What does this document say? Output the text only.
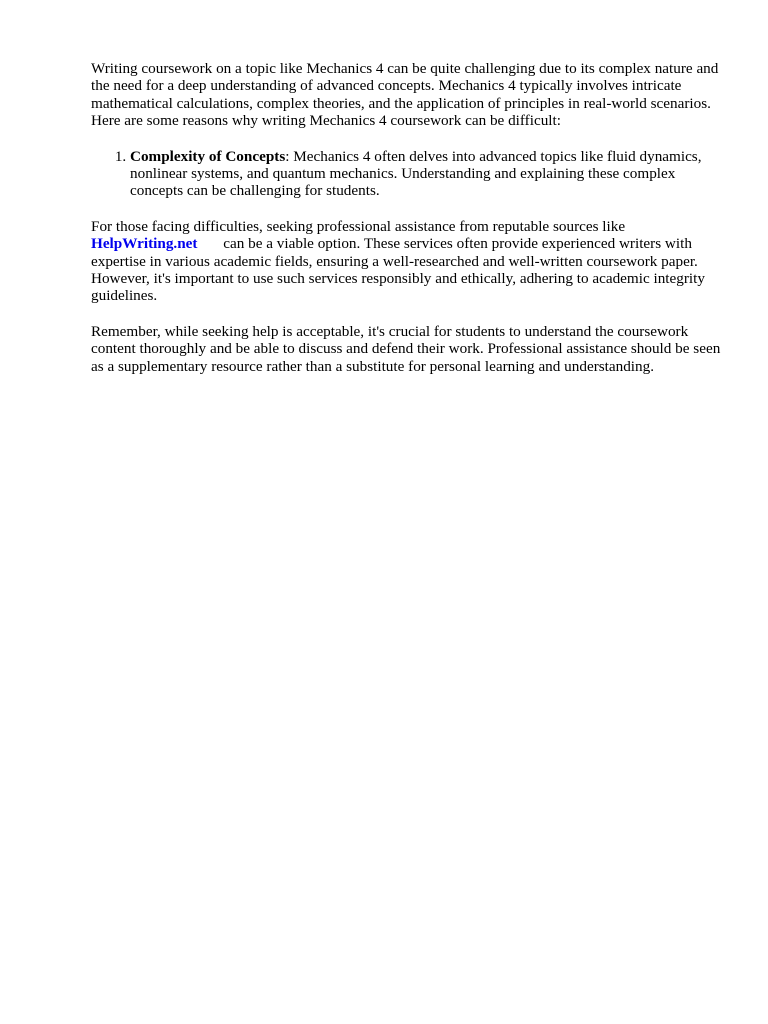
Writing coursework on a topic like Mechanics 4 can be quite challenging due to its complex nature and the need for a deep understanding of advanced concepts. Mechanics 4 typically involves intricate mathematical calculations, complex theories, and the application of principles in real-world scenarios. Here are some reasons why writing Mechanics 4 coursework can be difficult:

1. Complexity of Concepts: Mechanics 4 often delves into advanced topics like fluid dynamics, nonlinear systems, and quantum mechanics. Understanding and explaining these complex concepts can be challenging for students.

For those facing difficulties, seeking professional assistance from reputable sources like
HelpWriting.net can be a viable option. These services often provide experienced writers with expertise in various academic fields, ensuring a well-researched and well-written coursework paper. However, it's important to use such services responsibly and ethically, adhering to academic integrity guidelines.

Remember, while seeking help is acceptable, it's crucial for students to understand the coursework content thoroughly and be able to discuss and defend their work. Professional assistance should be seen as a supplementary resource rather than a substitute for personal learning and understanding.
